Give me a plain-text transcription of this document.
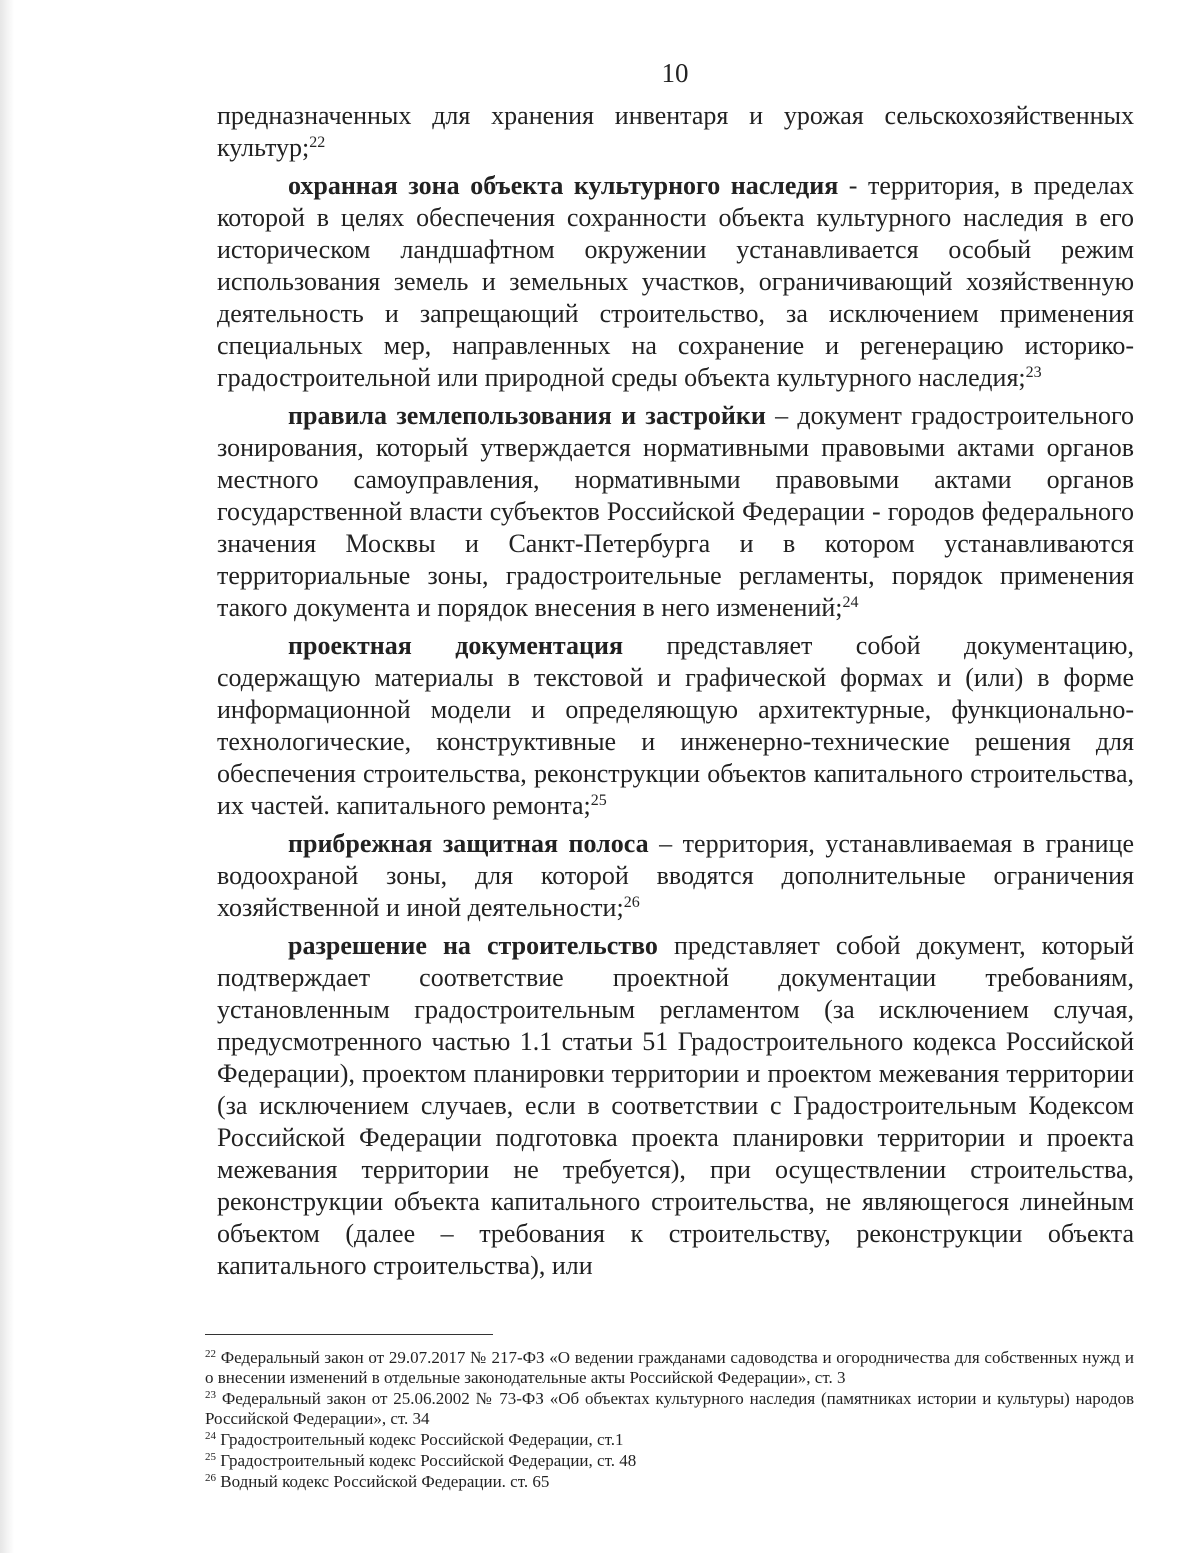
10

предназначенных для хранения инвентаря и урожая сельскохозяйственных культур;$^{22}$

охранная зона объекта культурного наследия - территория, в пределах которой в целях обеспечения сохранности объекта культурного наследия в его историческом ландшафтном окружении устанавливается особый режим использования земель и земельных участков, ограничивающий хозяйственную деятельность и запрещающий строительство, за исключением применения специальных мер, направленных на сохранение и регенерацию историко-градостроительной или природной среды объекта культурного наследия;$^{23}$

правила землепользования и застройки – документ градостроительного зонирования, который утверждается нормативными правовыми актами органов местного самоуправления, нормативными правовыми актами органов государственной власти субъектов Российской Федерации - городов федерального значения Москвы и Санкт-Петербурга и в котором устанавливаются территориальные зоны, градостроительные регламенты, порядок применения такого документа и порядок внесения в него изменений;$^{24}$

проектная документация представляет собой документацию, содержащую материалы в текстовой и графической формах и (или) в форме информационной модели и определяющую архитектурные, функционально-технологические, конструктивные и инженерно-технические решения для обеспечения строительства, реконструкции объектов капитального строительства, их частей. капитального ремонта;$^{25}$

прибрежная защитная полоса – территория, устанавливаемая в границе водоохраной зоны, для которой вводятся дополнительные ограничения хозяйственной и иной деятельности;$^{26}$

разрешение на строительство представляет собой документ, который подтверждает соответствие проектной документации требованиям, установленным градостроительным регламентом (за исключением случая, предусмотренного частью 1.1 статьи 51 Градостроительного кодекса Российской Федерации), проектом планировки территории и проектом межевания территории (за исключением случаев, если в соответствии с Градостроительным Кодексом Российской Федерации подготовка проекта планировки территории и проекта межевания территории не требуется), при осуществлении строительства, реконструкции объекта капитального строительства, не являющегося линейным объектом (далее – требования к строительству, реконструкции объекта капитального строительства), или

$^{22}$ Федеральный закон от 29.07.2017 № 217-ФЗ «О ведении гражданами садоводства и огородничества для собственных нужд и о внесении изменений в отдельные законодательные акты Российской Федерации», ст. 3

$^{23}$ Федеральный закон от 25.06.2002 № 73-ФЗ «Об объектах культурного наследия (памятниках истории и культуры) народов Российской Федерации», ст. 34

$^{24}$ Градостроительный кодекс Российской Федерации, ст.1

$^{25}$ Градостроительный кодекс Российской Федерации, ст. 48

$^{26}$ Водный кодекс Российской Федерации. ст. 65
